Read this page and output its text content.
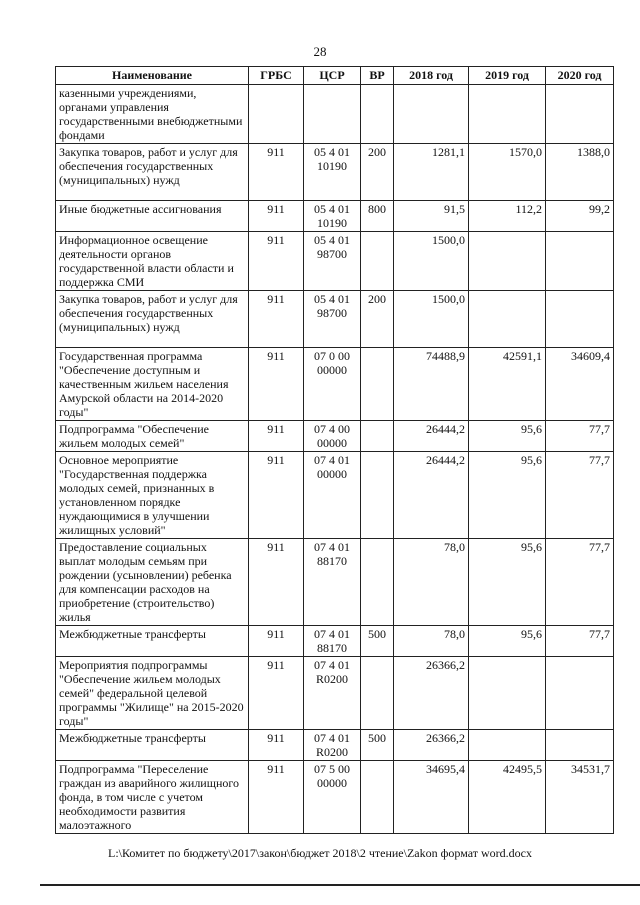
28
Наименование	ГРБС	ЦСР	ВР	2018 год	2019 год	2020 год
казенными учреждениями, органами управления государственными внебюджетными фондами						
Закупка товаров, работ и услуг для обеспечения государственных (муниципальных) нужд	911	05 4 01 10190	200	1281,1	1570,0	1388,0
Иные бюджетные ассигнования	911	05 4 01 10190	800	91,5	112,2	99,2
Информационное освещение деятельности органов государственной власти области и поддержка СМИ	911	05 4 01 98700		1500,0		
Закупка товаров, работ и услуг для обеспечения государственных (муниципальных) нужд	911	05 4 01 98700	200	1500,0		
Государственная программа "Обеспечение доступным и качественным жильем населения Амурской области на 2014-2020 годы"	911	07 0 00 00000		74488,9	42591,1	34609,4
Подпрограмма "Обеспечение жильем молодых семей"	911	07 4 00 00000		26444,2	95,6	77,7
Основное мероприятие "Государственная поддержка молодых семей, признанных в установленном порядке нуждающимися в улучшении жилищных условий"	911	07 4 01 00000		26444,2	95,6	77,7
Предоставление социальных выплат молодым семьям при рождении (усыновлении) ребенка для компенсации расходов на приобретение (строительство) жилья	911	07 4 01 88170		78,0	95,6	77,7
Межбюджетные трансферты	911	07 4 01 88170	500	78,0	95,6	77,7
Мероприятия подпрограммы "Обеспечение жильем молодых семей" федеральной целевой программы "Жилище" на 2015-2020 годы"	911	07 4 01 R0200		26366,2		
Межбюджетные трансферты	911	07 4 01 R0200	500	26366,2		
Подпрограмма "Переселение граждан из аварийного жилищного фонда, в том числе с учетом необходимости развития малоэтажного	911	07 5 00 00000		34695,4	42495,5	34531,7
L:\Комитет по бюджету\2017\закон\бюджет 2018\2 чтение\Zakon формат word.docx
